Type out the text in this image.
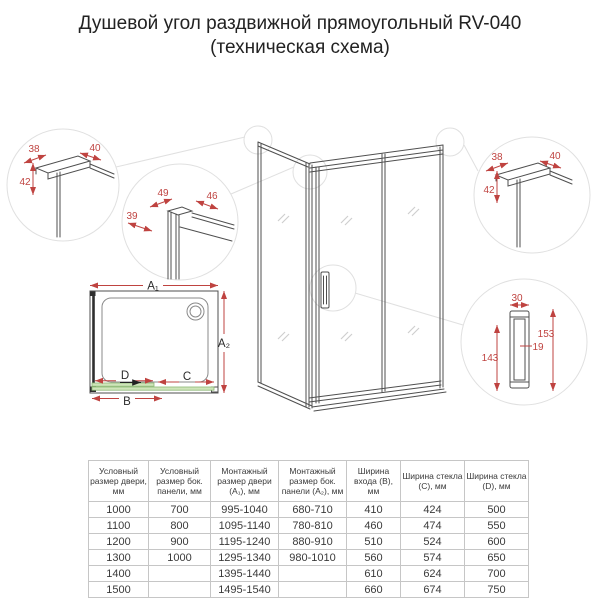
Душевой угол раздвижной прямоугольный RV-040
(техническая схема)
38	40
42
49	46
39
38	40
42
30
153
143
19
A₁
A₂
D	C
B
Условный размер двери, мм	Условный размер бок. панели, мм	Монтажный размер двери (A₁), мм	Монтажный размер бок. панели (A₂), мм	Ширина входа (B), мм	Ширина стекла (C), мм	Ширина стекла (D), мм
1000	700	995-1040	680-710	410	424	500
1100	800	1095-1140	780-810	460	474	550
1200	900	1195-1240	880-910	510	524	600
1300	1000	1295-1340	980-1010	560	574	650
1400		1395-1440		610	624	700
1500		1495-1540		660	674	750
